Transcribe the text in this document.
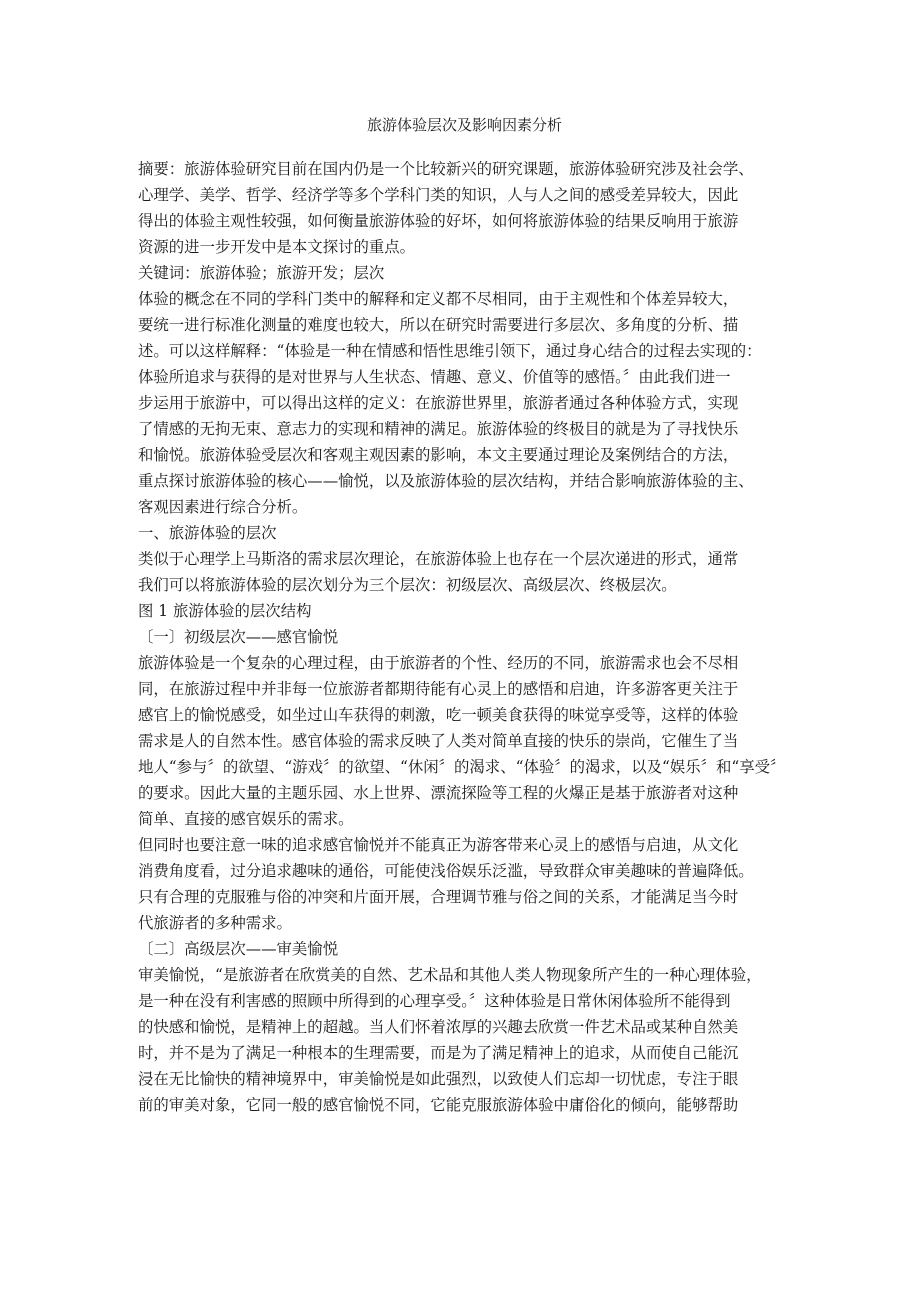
旅游体验层次及影响因素分析

摘要：旅游体验研究目前在国内仍是一个比较新兴的研究课题，旅游体验研究涉及社会学、
心理学、美学、哲学、经济学等多个学科门类的知识，人与人之间的感受差异较大，因此
得出的体验主观性较强，如何衡量旅游体验的好坏，如何将旅游体验的结果反响用于旅游
资源的进一步开发中是本文探讨的重点。

关键词：旅游体验；旅游开发；层次

体验的概念在不同的学科门类中的解释和定义都不尽相同，由于主观性和个体差异较大，
要统一进行标准化测量的难度也较大，所以在研究时需要进行多层次、多角度的分析、描
述。可以这样解释：“体验是一种在情感和悟性思维引领下，通过身心结合的过程去实现的：
体验所追求与获得的是对世界与人生状态、情趣、意义、价值等的感悟。〞由此我们进一
步运用于旅游中，可以得出这样的定义：在旅游世界里，旅游者通过各种体验方式，实现
了情感的无拘无束、意志力的实现和精神的满足。旅游体验的终极目的就是为了寻找快乐
和愉悦。旅游体验受层次和客观主观因素的影响，本文主要通过理论及案例结合的方法，
重点探讨旅游体验的核心——愉悦，以及旅游体验的层次结构，并结合影响旅游体验的主、
客观因素进行综合分析。

一、旅游体验的层次

类似于心理学上马斯洛的需求层次理论，在旅游体验上也存在一个层次递进的形式，通常
我们可以将旅游体验的层次划分为三个层次：初级层次、高级层次、终极层次。

图 1 旅游体验的层次结构

〔一〕初级层次——感官愉悦

旅游体验是一个复杂的心理过程，由于旅游者的个性、经历的不同，旅游需求也会不尽相
同，在旅游过程中并非每一位旅游者都期待能有心灵上的感悟和启迪，许多游客更关注于
感官上的愉悦感受，如坐过山车获得的刺激，吃一顿美食获得的味觉享受等，这样的体验
需求是人的自然本性。感官体验的需求反映了人类对简单直接的快乐的崇尚，它催生了当
地人“参与〞的欲望、“游戏〞的欲望、“休闲〞的渴求、“体验〞的渴求，以及“娱乐〞和“享受〞
的要求。因此大量的主题乐园、水上世界、漂流探险等工程的火爆正是基于旅游者对这种
简单、直接的感官娱乐的需求。

但同时也要注意一味的追求感官愉悦并不能真正为游客带来心灵上的感悟与启迪，从文化
消费角度看，过分追求趣味的通俗，可能使浅俗娱乐泛滥，导致群众审美趣味的普遍降低。
只有合理的克服雅与俗的冲突和片面开展，合理调节雅与俗之间的关系，才能满足当今时
代旅游者的多种需求。

〔二〕高级层次——审美愉悦

审美愉悦，“是旅游者在欣赏美的自然、艺术品和其他人类人物现象所产生的一种心理体验，
是一种在没有利害感的照顾中所得到的心理享受。〞这种体验是日常休闲体验所不能得到
的快感和愉悦，是精神上的超越。当人们怀着浓厚的兴趣去欣赏一件艺术品或某种自然美
时，并不是为了满足一种根本的生理需要，而是为了满足精神上的追求，从而使自己能沉
浸在无比愉快的精神境界中，审美愉悦是如此强烈，以致使人们忘却一切忧虑，专注于眼
前的审美对象，它同一般的感官愉悦不同，它能克服旅游体验中庸俗化的倾向，能够帮助
